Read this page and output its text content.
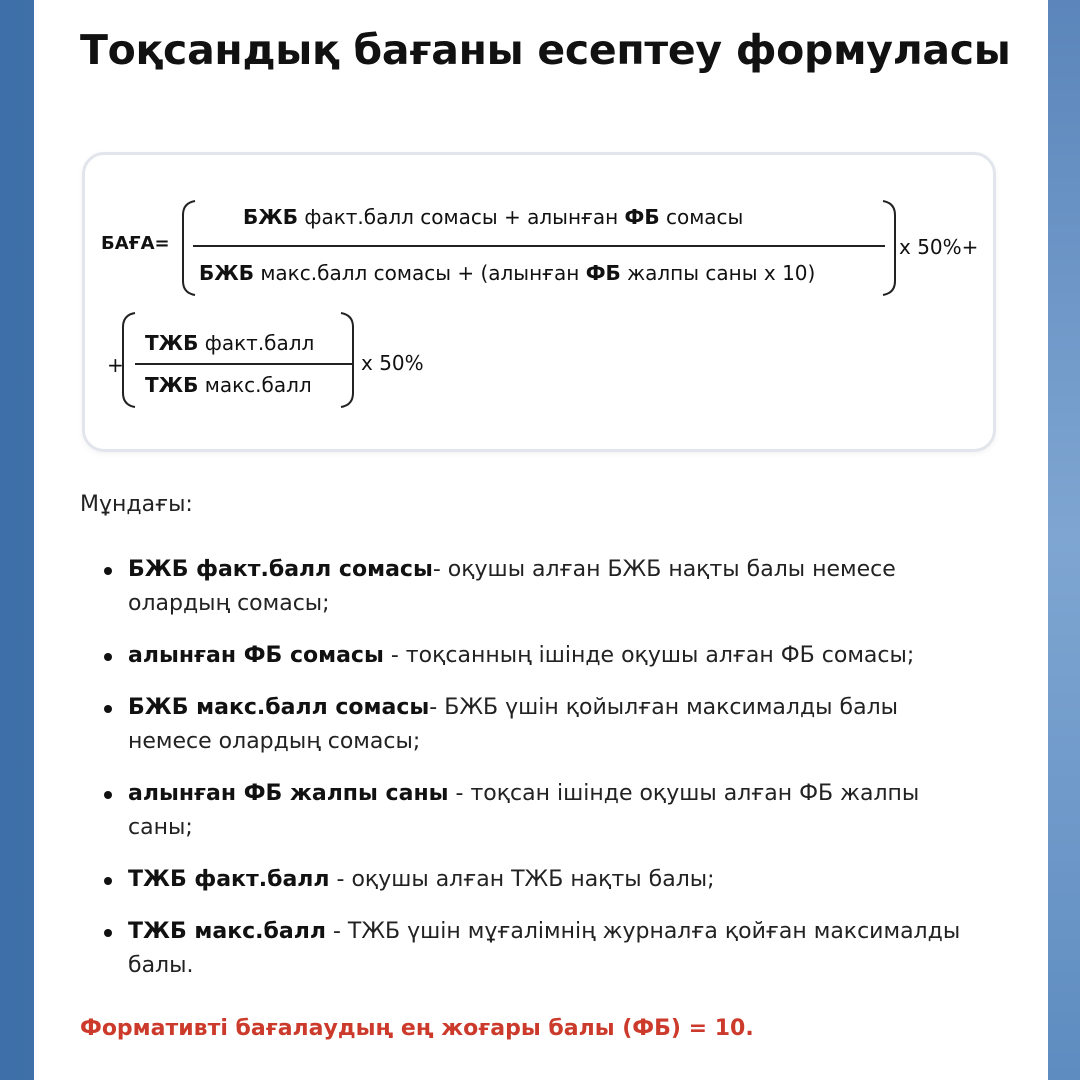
Тоқсандық бағаны есептеу формуласы
БАҒА=
БЖБ факт.балл сомасы + алынған ФБ сомасы
БЖБ макс.балл сомасы + (алынған ФБ жалпы саны x 10)
x 50%+
+
ТЖБ факт.балл
ТЖБ макс.балл
x 50%
Мұндағы:
БЖБ факт.балл сомасы- оқушы алған БЖБ нақты балы немесе олардың сомасы;
алынған ФБ сомасы - тоқсанның ішінде оқушы алған ФБ сомасы;
БЖБ макс.балл сомасы- БЖБ үшін қойылған максималды балы немесе олардың сомасы;
алынған ФБ жалпы саны - тоқсан ішінде оқушы алған ФБ жалпы саны;
ТЖБ факт.балл - оқушы алған ТЖБ нақты балы;
ТЖБ макс.балл - ТЖБ үшін мұғалімнің журналға қойған максималды балы.
Формативті бағалаудың ең жоғары балы (ФБ) = 10.
